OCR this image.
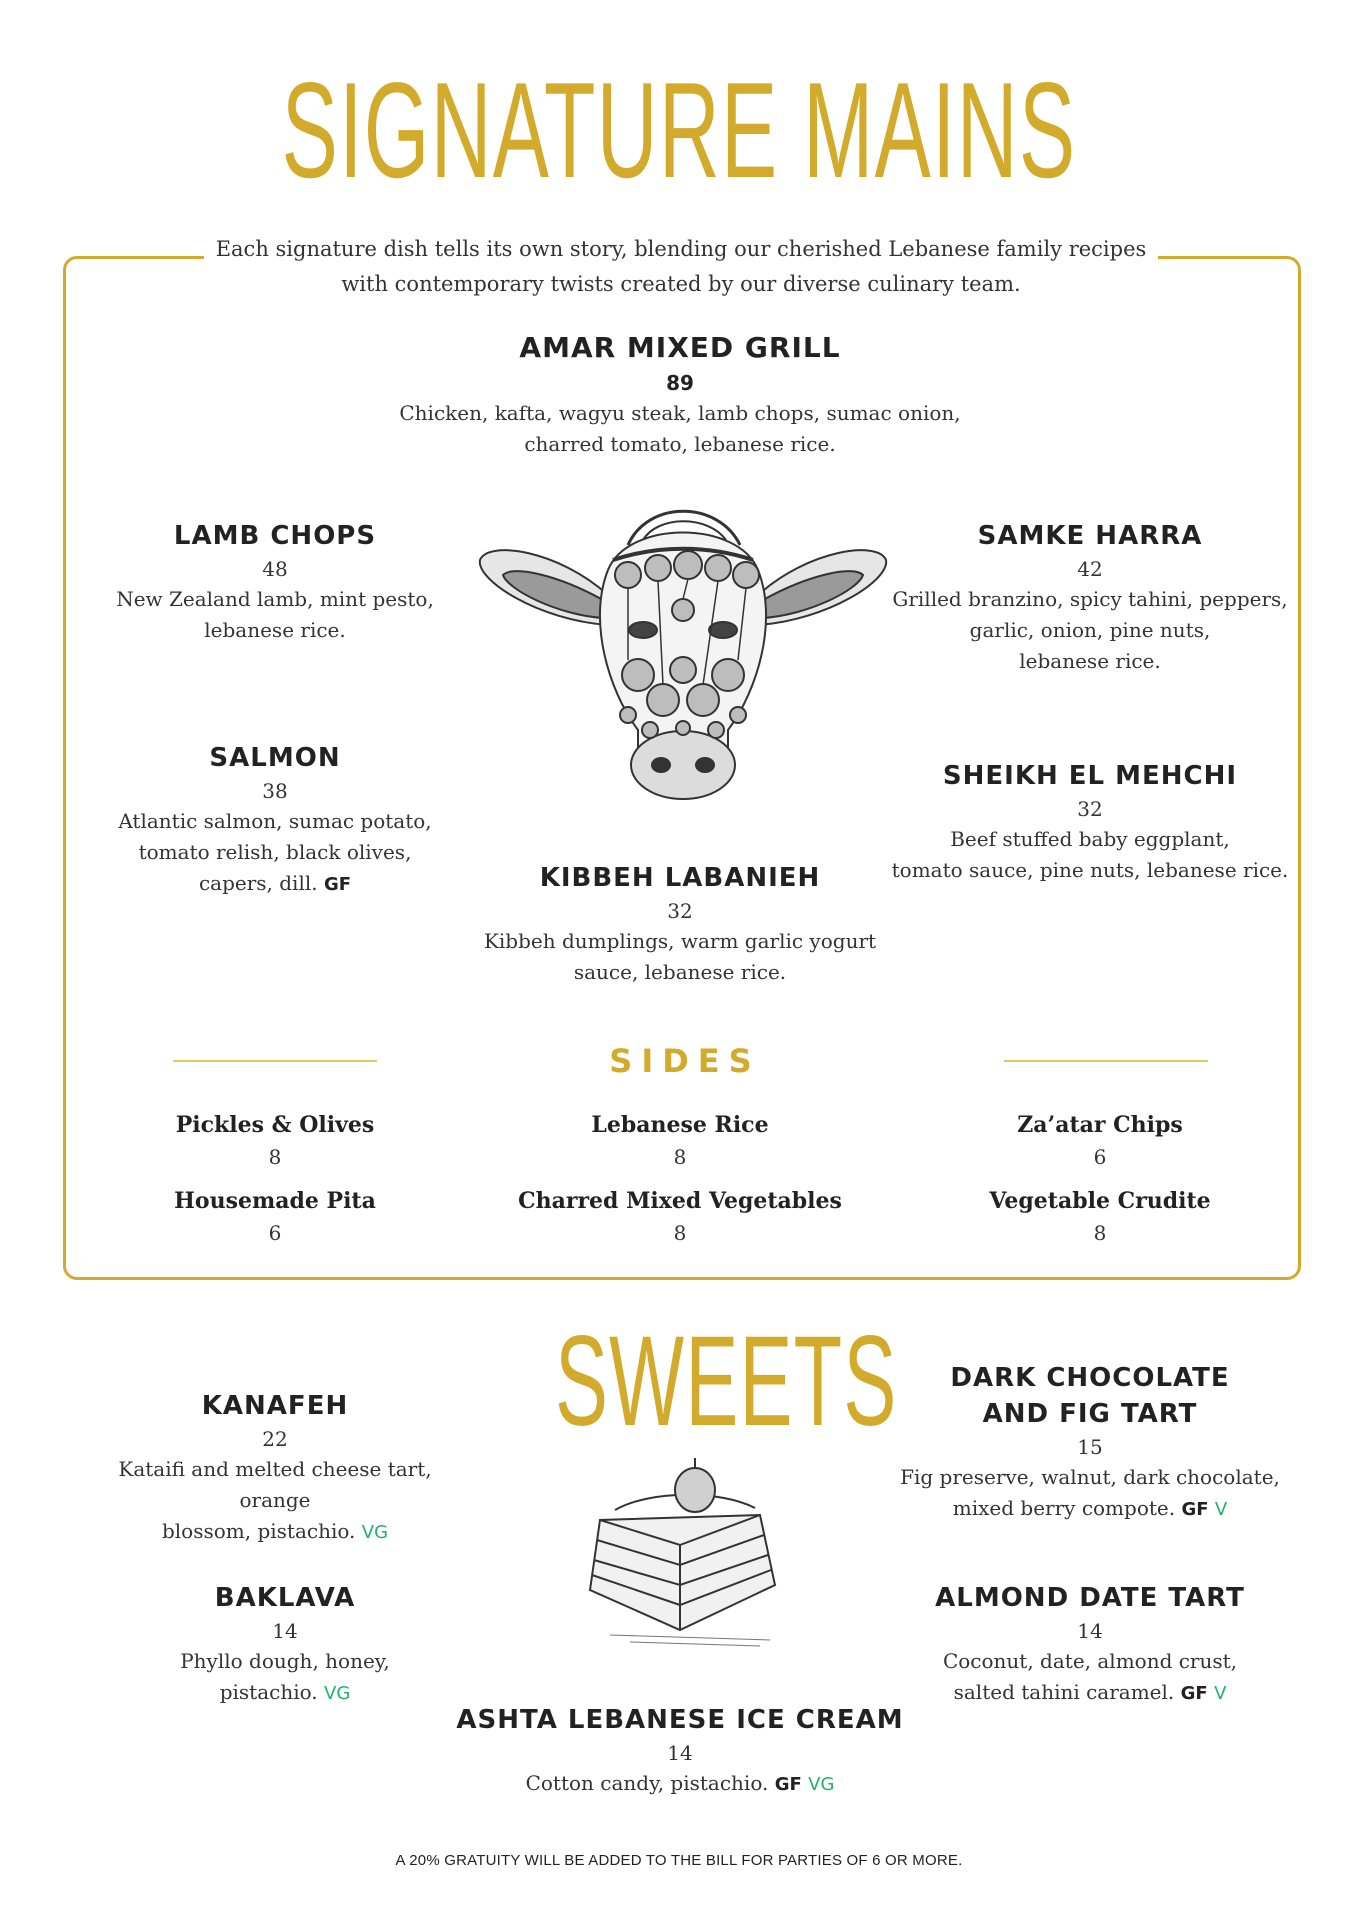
SIGNATURE MAINS
Each signature dish tells its own story, blending our cherished Lebanese family recipes
with contemporary twists created by our diverse culinary team.
AMAR MIXED GRILL
89
Chicken, kafta, wagyu steak, lamb chops, sumac onion,
charred tomato, lebanese rice.
LAMB CHOPS
48
New Zealand lamb, mint pesto,
lebanese rice.
SAMKE HARRA
42
Grilled branzino, spicy tahini, peppers,
garlic, onion, pine nuts,
lebanese rice.
SALMON
38
Atlantic salmon, sumac potato,
tomato relish, black olives,
capers, dill. GF
SHEIKH EL MEHCHI
32
Beef stuffed baby eggplant,
tomato sauce, pine nuts, lebanese rice.
KIBBEH LABANIEH
32
Kibbeh dumplings, warm garlic yogurt
sauce, lebanese rice.
SIDES
Pickles & Olives
8
Lebanese Rice
8
Za’atar Chips
6
Housemade Pita
6
Charred Mixed Vegetables
8
Vegetable Crudite
8
SWEETS
KANAFEH
22
Kataifi and melted cheese tart, orange
blossom, pistachio. VG
DARK CHOCOLATE
AND FIG TART
15
Fig preserve, walnut, dark chocolate,
mixed berry compote. GF V
BAKLAVA
14
Phyllo dough, honey,
pistachio. VG
ALMOND DATE TART
14
Coconut, date, almond crust,
salted tahini caramel. GF V
ASHTA LEBANESE ICE CREAM
14
Cotton candy, pistachio. GF VG
A 20% GRATUITY WILL BE ADDED TO THE BILL FOR PARTIES OF 6 OR MORE.
